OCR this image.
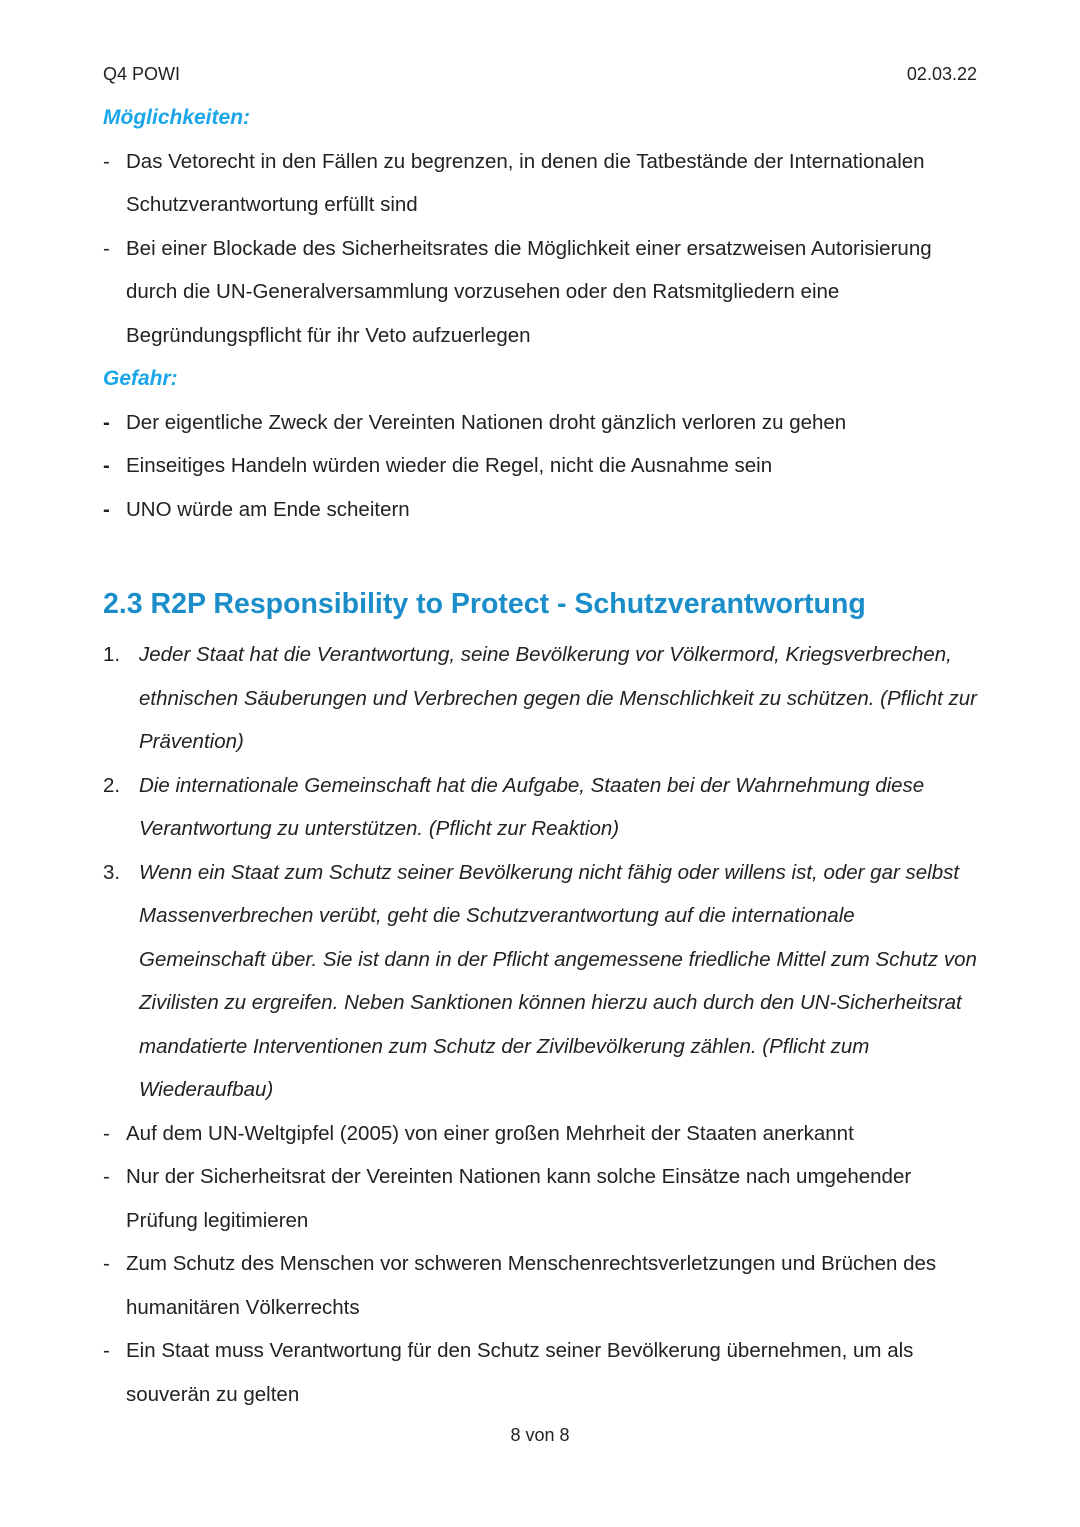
Q4 POWI	02.03.22
Möglichkeiten:
- Das Vetorecht in den Fällen zu begrenzen, in denen die Tatbestände der Internationalen Schutzverantwortung erfüllt sind
- Bei einer Blockade des Sicherheitsrates die Möglichkeit einer ersatzweisen Autorisierung durch die UN-Generalversammlung vorzusehen oder den Ratsmitgliedern eine Begründungspflicht für ihr Veto aufzuerlegen
Gefahr:
- Der eigentliche Zweck der Vereinten Nationen droht gänzlich verloren zu gehen
- Einseitiges Handeln würden wieder die Regel, nicht die Ausnahme sein
- UNO würde am Ende scheitern
2.3 R2P Responsibility to Protect - Schutzverantwortung
1. Jeder Staat hat die Verantwortung, seine Bevölkerung vor Völkermord, Kriegsverbrechen, ethnischen Säuberungen und Verbrechen gegen die Menschlichkeit zu schützen. (Pflicht zur Prävention)
2. Die internationale Gemeinschaft hat die Aufgabe, Staaten bei der Wahrnehmung diese Verantwortung zu unterstützen. (Pflicht zur Reaktion)
3. Wenn ein Staat zum Schutz seiner Bevölkerung nicht fähig oder willens ist, oder gar selbst Massenverbrechen verübt, geht die Schutzverantwortung auf die internationale Gemeinschaft über. Sie ist dann in der Pflicht angemessene friedliche Mittel zum Schutz von Zivilisten zu ergreifen. Neben Sanktionen können hierzu auch durch den UN-Sicherheitsrat mandatierte Interventionen zum Schutz der Zivilbevölkerung zählen. (Pflicht zum Wiederaufbau)
- Auf dem UN-Weltgipfel (2005) von einer großen Mehrheit der Staaten anerkannt
- Nur der Sicherheitsrat der Vereinten Nationen kann solche Einsätze nach umgehender Prüfung legitimieren
- Zum Schutz des Menschen vor schweren Menschenrechtsverletzungen und Brüchen des humanitären Völkerrechts
- Ein Staat muss Verantwortung für den Schutz seiner Bevölkerung übernehmen, um als souverän zu gelten
8 von 8
